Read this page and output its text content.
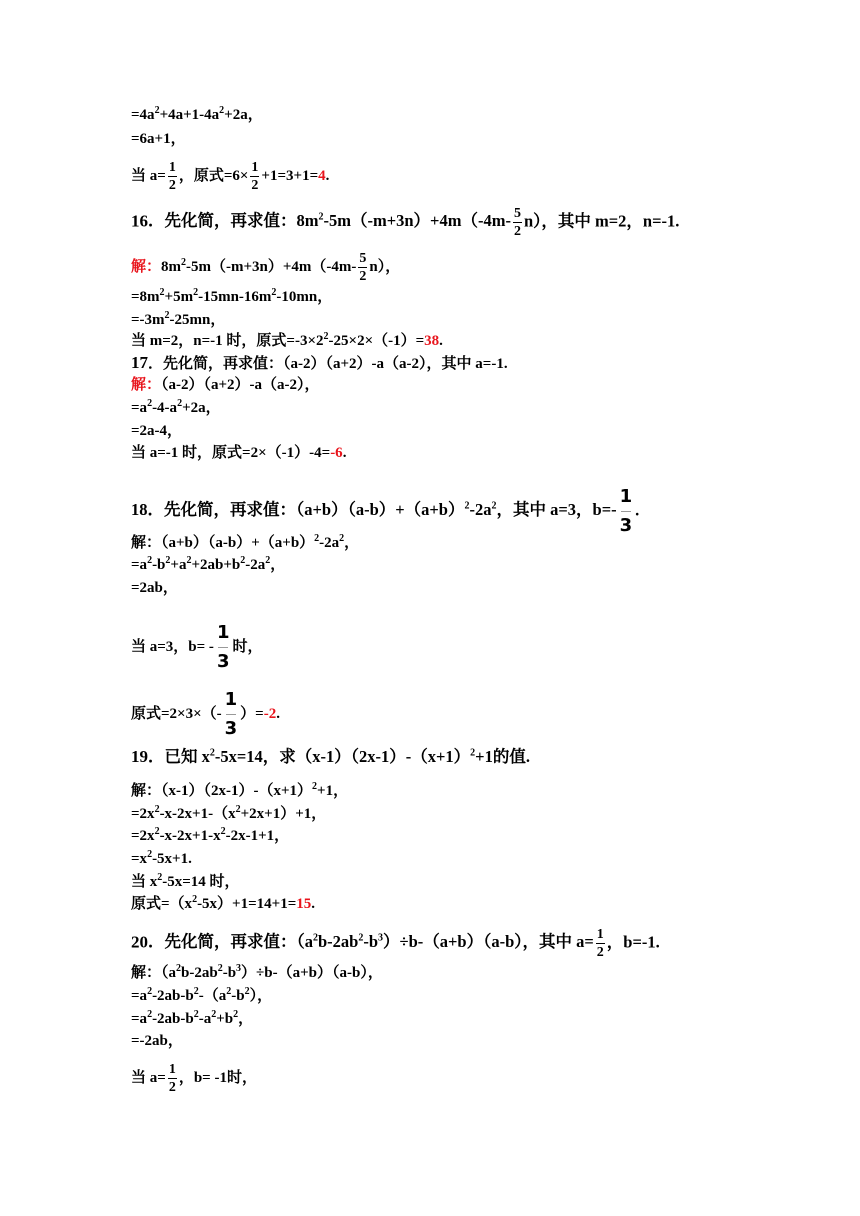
$=4a^2+4a+1-4a^2+2a$，
=6a+1，
当 $a= \frac{1}{2}$ ，原式$=6\times \frac{1}{2} +1=3+1=4$.
16．先化简，再求值：$8m^2-5m(-m+3n)+4m(-4m- \frac{5}{2} n)$，其中 m=2，n=-1.
解：$8m^2-5m(-m+3n)+4m(-4m- \frac{5}{2} n)$，
$=8m^2+5m^2-15mn-16m^2-10mn$，
$=-3m^2-25mn$，
当 m=2，n=-1 时，原式$=-3\times 2^2-25\times 2\times(-1)=38$.
17．先化简，再求值：（a-2）（a+2）-a（a-2），其中 a=-1.
解：（a-2）（a+2）-a（a-2），
$=a^2-4-a^2+2a$，
=2a-4，
当 a=-1 时，原式=2×（-1）-4=-6.
18．先化简，再求值：$(a+b)(a-b)+(a+b)^2-2a^2$，其中 a=3，$b=- \frac{1}{3}$ .
解：$(a+b)(a-b)+(a+b)^2-2a^2$，
$=a^2-b^2+a^2+2ab+b^2-2a^2$，
=2ab，
当 a=3，$b= - \frac{1}{3}$ 时，
原式$=2\times 3\times(- \frac{1}{3} )=-2$.
19．已知 $x^2-5x=14$，求$(x-1)(2x-1)-(x+1)^2+1$的值.
解：$(x-1)(2x-1)-(x+1)^2+1$，
$=2x^2-x-2x+1-(x^2+2x+1)+1$，
$=2x^2-x-2x+1-x^2-2x-1+1$，
$=x^2-5x+1$.
当 $x^2-5x=14$ 时，
原式$=(x^2-5x)+1=14+1=15$.
20．先化简，再求值：$(a^2b-2ab^2-b^3)\div b-(a+b)(a-b)$，其中 $a= \frac{1}{2}$ ，b=-1.
解：$(a^2b-2ab^2-b^3)\div b-(a+b)(a-b)$，
$=a^2-2ab-b^2-(a^2-b^2)$，
$=a^2-2ab-b^2-a^2+b^2$，
=-2ab，
当 $a= \frac{1}{2}$ ，b= -1时，
